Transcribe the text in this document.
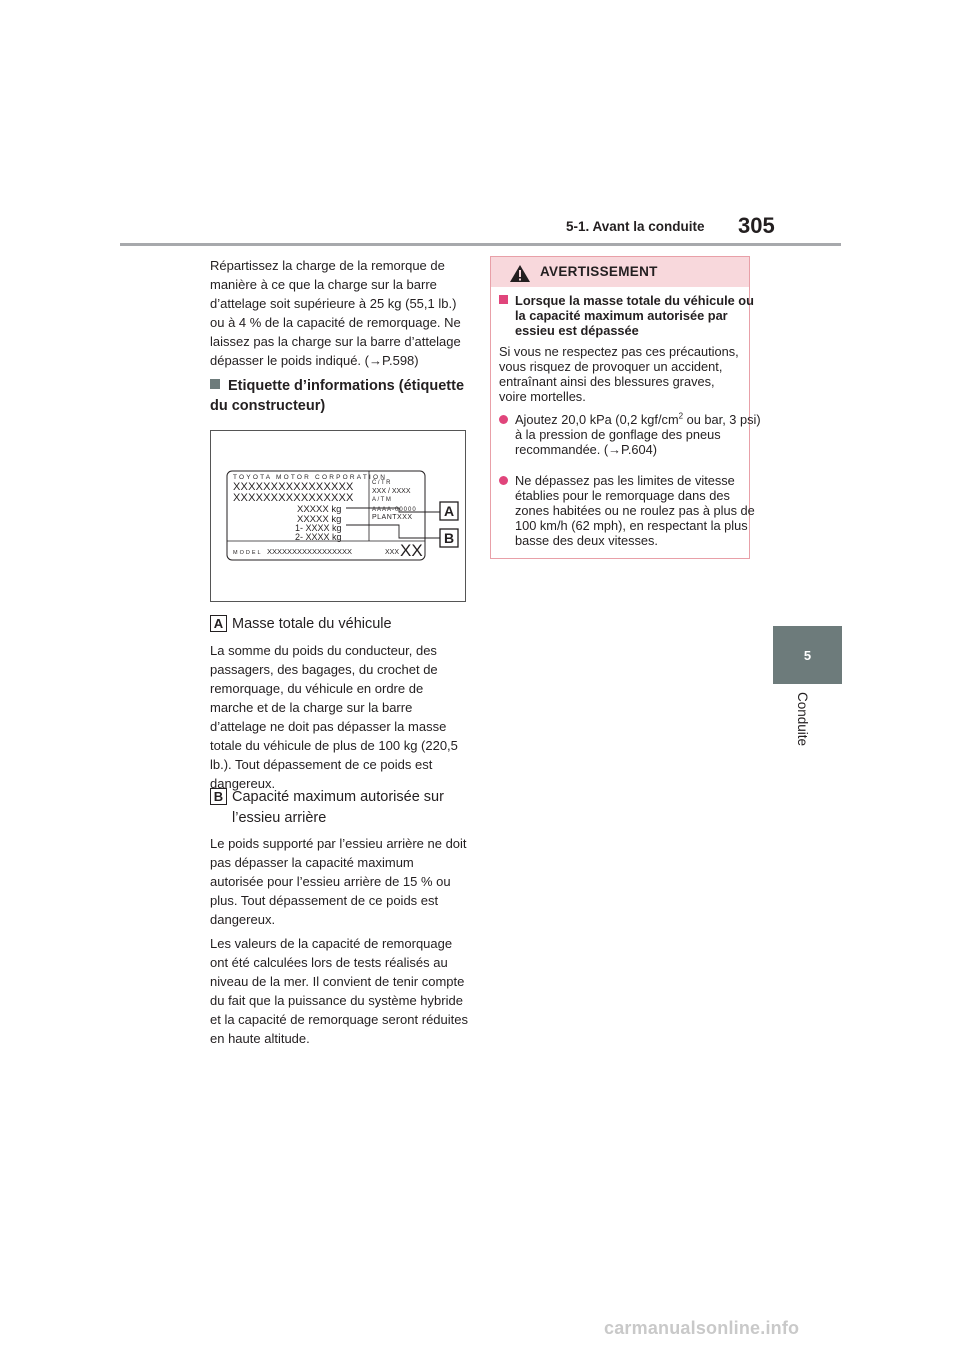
5-1. Avant la conduite 305
5
Conduite

Répartissez la charge de la remorque de manière à ce que la charge sur la barre d’attelage soit supérieure à 25 kg (55,1 lb.) ou à 4 % de la capacité de remorquage. Ne laissez pas la charge sur la barre d’attelage dépasser le poids indiqué. (→P.598)

Etiquette d’informations (étiquette du constructeur)
TOYOTA MOTOR CORPORATION
XXXXXXXXXXXXXXXX
XXXXXXXXXXXXXXXX
XXXXX kg
XXXXX kg
1- XXXX kg
2- XXXX kg
C/TR
XXX / XXXX
A/TM
AAAA-00000
PLANTXXX
MODEL XXXXXXXXXXXXXXXXX	XXX XX
A
B
A Masse totale du véhicule

La somme du poids du conducteur, des passagers, des bagages, du crochet de remorquage, du véhicule en ordre de marche et de la charge sur la barre d’attelage ne doit pas dépasser la masse totale du véhicule de plus de 100 kg (220,5 lb.). Tout dépassement de ce poids est dangereux.

B Capacité maximum autorisée sur
l’essieu arrière

Le poids supporté par l’essieu arrière ne doit pas dépasser la capacité maximum autorisée pour l’essieu arrière de 15 % ou plus. Tout dépassement de ce poids est dangereux.

Les valeurs de la capacité de remorquage ont été calculées lors de tests réalisés au niveau de la mer. Il convient de tenir compte du fait que la puissance du système hybride et la capacité de remorquage seront réduites en haute altitude.

AVERTISSEMENT
Lorsque la masse totale du véhicule ou la capacité maximum autorisée par essieu est dépassée
Si vous ne respectez pas ces précautions, vous risquez de provoquer un accident, entraînant ainsi des blessures graves, voire mortelles.
Ajoutez 20,0 kPa (0,2 kgf/$cm^2$ ou bar, 3 psi) à la pression de gonflage des pneus recommandée. (→P.604)
Ne dépassez pas les limites de vitesse établies pour le remorquage dans des zones habitées ou ne roulez pas à plus de 100 km/h (62 mph), en respectant la plus basse des deux vitesses.
carmanualsonline.info
